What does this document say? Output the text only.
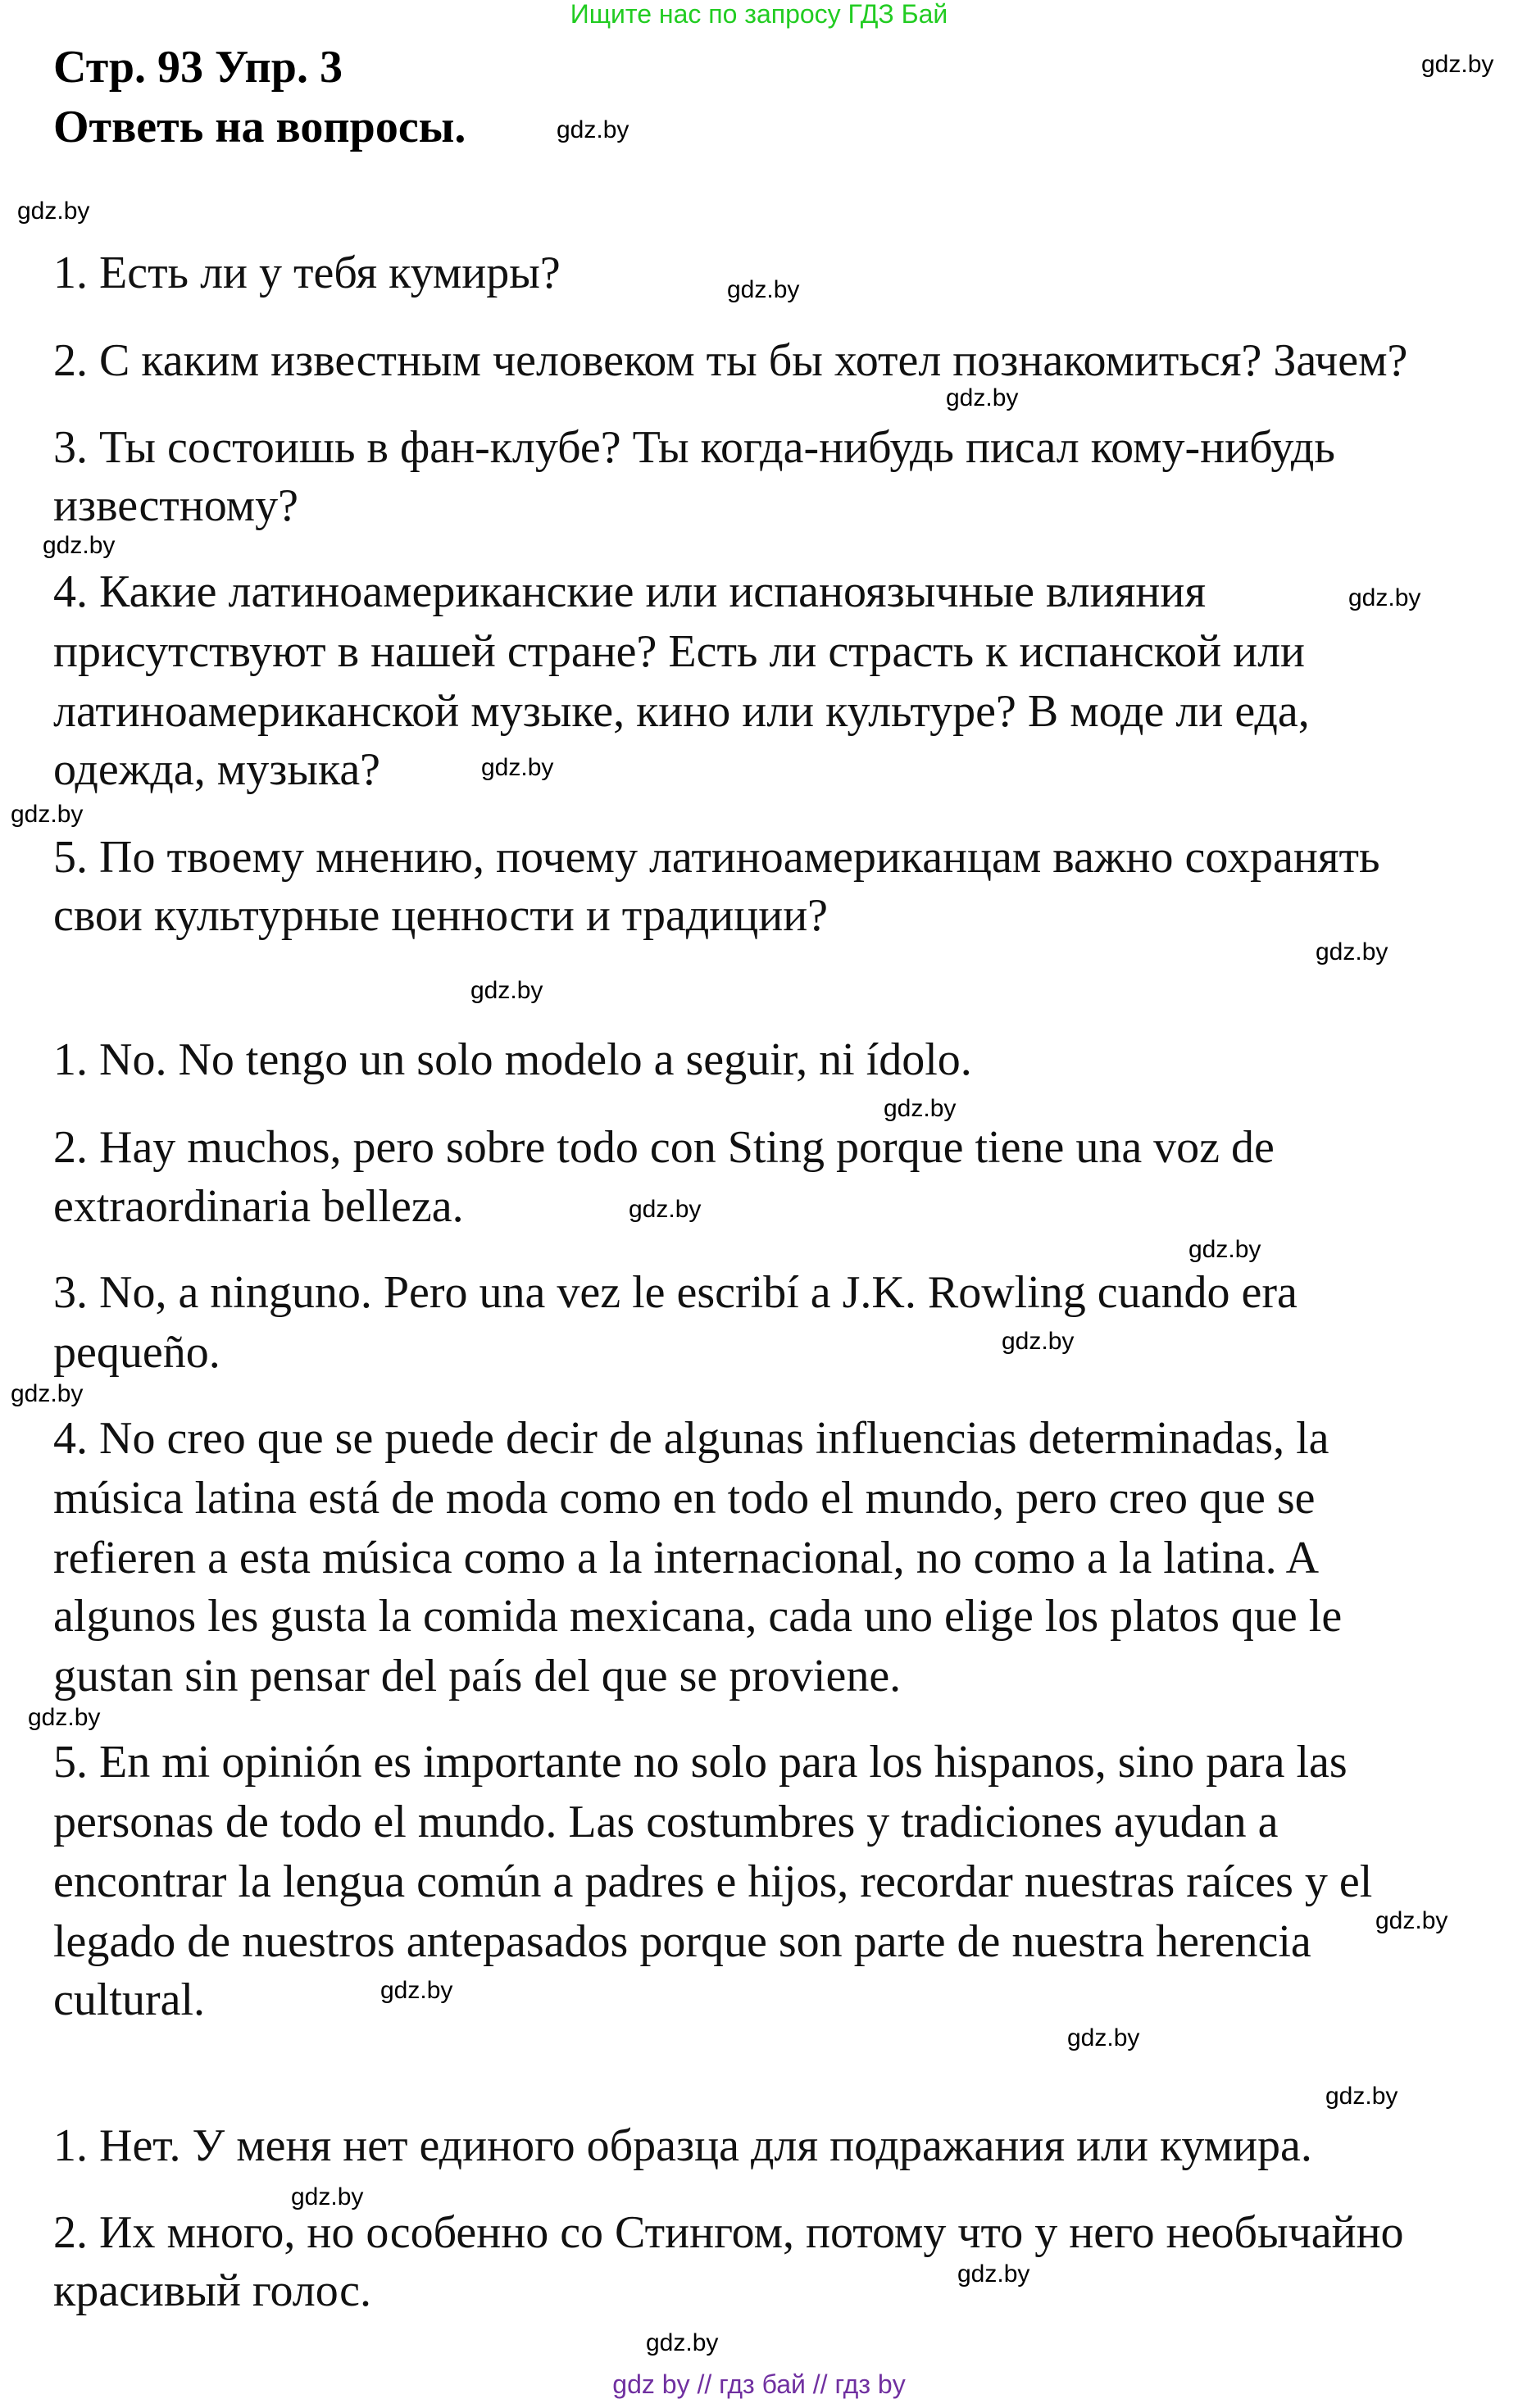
Ищите нас по запросу ГДЗ Бай
Стр. 93 Упр. 3
Ответь на вопросы.
1. Есть ли у тебя кумиры?
2. С каким известным человеком ты бы хотел познакомиться? Зачем?
3. Ты состоишь в фан-клубе? Ты когда-нибудь писал кому-нибудь
известному?
4. Какие латиноамериканские или испаноязычные влияния
присутствуют в нашей стране? Есть ли страсть к испанской или
латиноамериканской музыке, кино или культуре? В моде ли еда,
одежда, музыка?
5. По твоему мнению, почему латиноамериканцам важно сохранять
свои культурные ценности и традиции?
1. No. No tengo un solo modelo a seguir, ni ídolo.
2. Hay muchos, pero sobre todo con Sting porque tiene una voz de
extraordinaria belleza.
3. No, a ninguno. Pero una vez le escribí a J.K. Rowling cuando era
pequeño.
4. No creo que se puede decir de algunas influencias determinadas, la
música latina está de moda como en todo el mundo, pero creo que se
refieren a esta música como a la internacional, no como a la latina. A
algunos les gusta la comida mexicana, cada uno elige los platos que le
gustan sin pensar del país del que se proviene.
5. En mi opinión es importante no solo para los hispanos, sino para las
personas de todo el mundo. Las costumbres y tradiciones ayudan a
encontrar la lengua común a padres e hijos, recordar nuestras raíces y el
legado de nuestros antepasados porque son parte de nuestra herencia
cultural.
1. Нет. У меня нет единого образца для подражания или кумира.
2. Их много, но особенно со Стингом, потому что у него необычайно
красивый голос.
gdz.by
gdz.by
gdz.by
gdz.by
gdz.by
gdz.by
gdz.by
gdz.by
gdz.by
gdz.by
gdz.by
gdz.by
gdz.by
gdz.by
gdz.by
gdz.by
gdz.by
gdz.by
gdz.by
gdz.by
gdz.by
gdz.by
gdz.by
gdz.by
gdz by // гдз бай // гдз by
